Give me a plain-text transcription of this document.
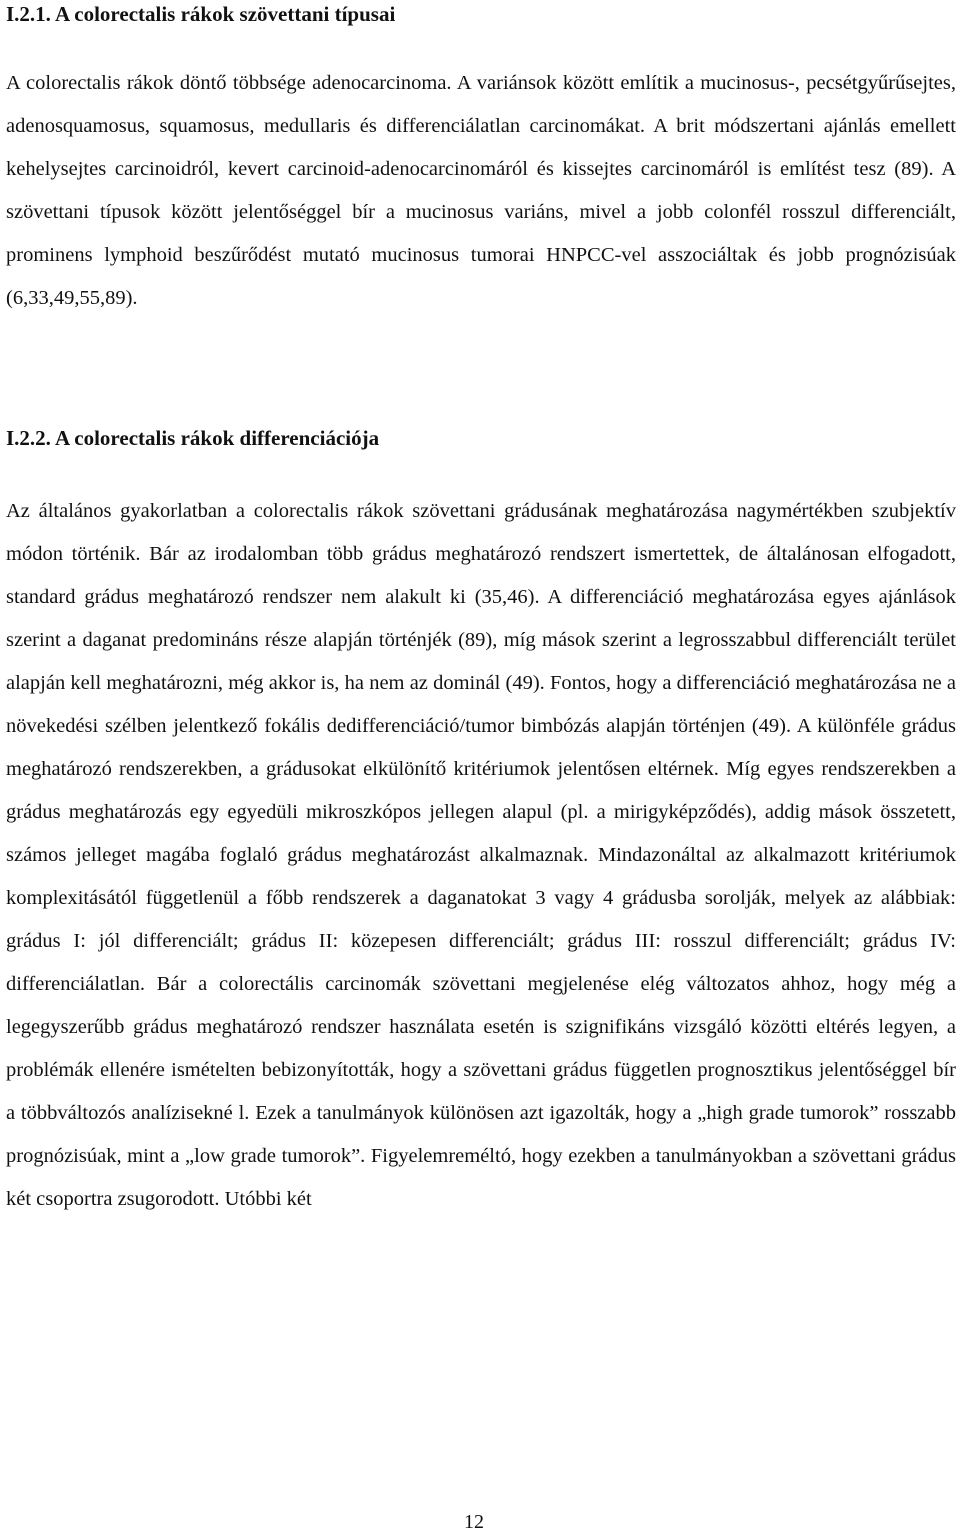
I.2.1. A colorectalis rákok szövettani típusai

A colorectalis rákok döntő többsége adenocarcinoma. A variánsok között említik a mucinosus-, pecsétgyűrűsejtes, adenosquamosus, squamosus, medullaris és differenciálatlan carcinomákat. A brit módszertani ajánlás emellett kehelysejtes carcinoidról, kevert carcinoid-adenocarcinomáról és kissejtes carcinomáról is említést tesz (89). A szövettani típusok között jelentőséggel bír a mucinosus variáns, mivel a jobb colonfél rosszul differenciált, prominens lymphoid beszűrődést mutató mucinosus tumorai HNPCC-vel asszociáltak és jobb prognózisúak (6,33,49,55,89).

I.2.2. A colorectalis rákok differenciációja

Az általános gyakorlatban a colorectalis rákok szövettani grádusának meghatározása nagymértékben szubjektív módon történik. Bár az irodalomban több grádus meghatározó rendszert ismertettek, de általánosan elfogadott, standard grádus meghatározó rendszer nem alakult ki (35,46). A differenciáció meghatározása egyes ajánlások szerint a daganat predomináns része alapján történjék (89), míg mások szerint a legrosszabbul differenciált terület alapján kell meghatározni, még akkor is, ha nem az dominál (49). Fontos, hogy a differenciáció meghatározása ne a növekedési szélben jelentkező fokális dedifferenciáció/tumor bimbózás alapján történjen (49). A különféle grádus meghatározó rendszerekben, a grádusokat elkülönítő kritériumok jelentősen eltérnek. Míg egyes rendszerekben a grádus meghatározás egy egyedüli mikroszkópos jellegen alapul (pl. a mirigyképződés), addig mások összetett, számos jelleget magába foglaló grádus meghatározást alkalmaznak. Mindazonáltal az alkalmazott kritériumok komplexitásától függetlenül a főbb rendszerek a daganatokat 3 vagy 4 grádusba sorolják, melyek az alábbiak: grádus I: jól differenciált; grádus II: közepesen differenciált; grádus III: rosszul differenciált; grádus IV: differenciálatlan. Bár a colorectális carcinomák szövettani megjelenése elég változatos ahhoz, hogy még a legegyszerűbb grádus meghatározó rendszer használata esetén is szignifikáns vizsgáló közötti eltérés legyen, a problémák ellenére ismételten bebizonyították, hogy a szövettani grádus független prognosztikus jelentőséggel bír a többváltozós analízisekné l. Ezek a tanulmányok különösen azt igazolták, hogy a „high grade tumorok” rosszabb prognózisúak, mint a „low grade tumorok”. Figyelemreméltó, hogy ezekben a tanulmányokban a szövettani grádus két csoportra zsugorodott. Utóbbi két

12
